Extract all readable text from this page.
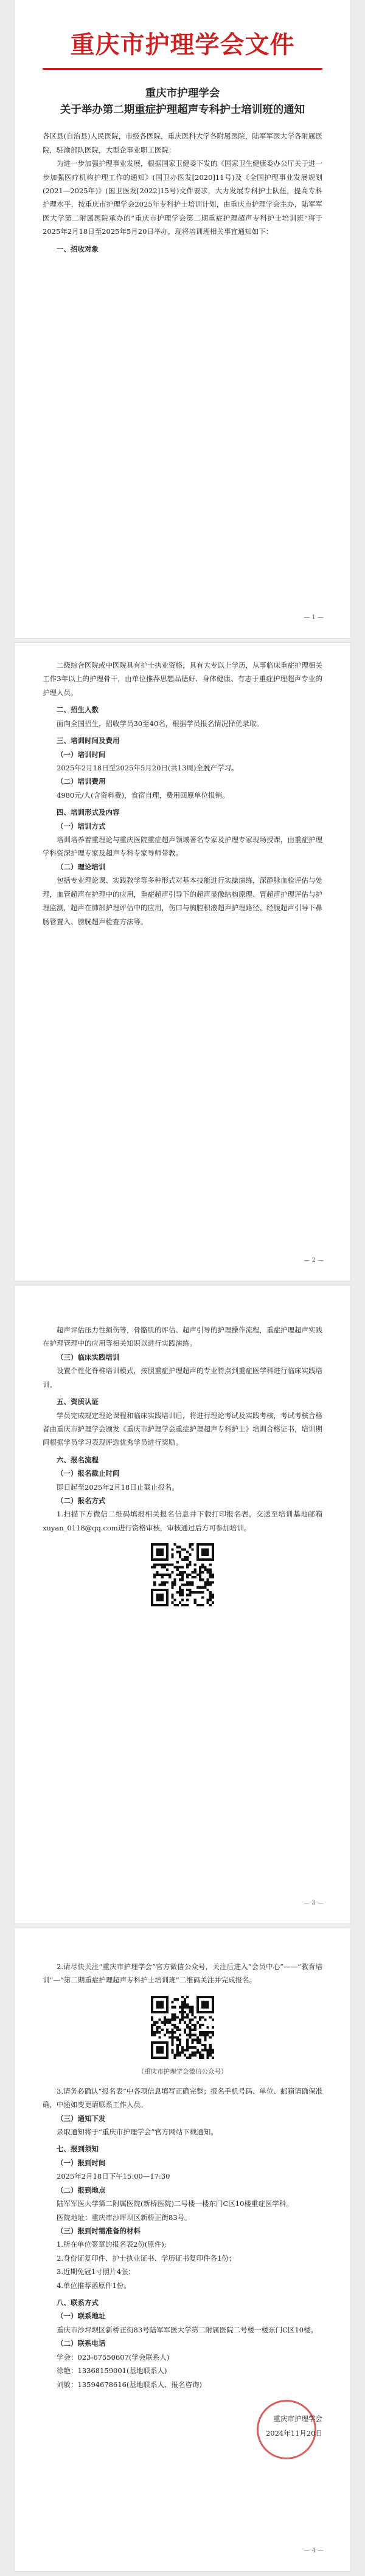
重庆市护理学会文件

重庆市护理学会

关于举办第二期重症护理超声专科护士培训班的通知

各区县(自治县)人民医院，市级各医院，重庆医科大学各附属医院，陆军军医大学各附属医院，驻渝部队医院，大型企事业职工医院：

为进一步加强护理事业发展，根据国家卫健委下发的《国家卫生健康委办公厅关于进一步加强医疗机构护理工作的通知》(国卫办医发[2020]11号)及《全国护理事业发展规划(2021—2025年)》(国卫医发[2022]15号)文件要求，大力发展专科护士队伍，提高专科护理水平，按重庆市护理学会2025年专科护士培训计划，由重庆市护理学会主办，陆军军医大学第二附属医院承办的“重庆市护理学会第二期重症护理超声专科护士培训班”将于2025年2月18日至2025年5月20日举办，现将培训班相关事宜通知如下：

一、招收对象

— 1 —

二级综合医院或中医院具有护士执业资格，具有大专以上学历，从事临床重症护理相关工作3年以上的护理骨干，由单位推荐思想品德好、身体健康、有志于重症护理超声专业的护理人员。

二、招生人数

面向全国招生，招收学员30至40名，根据学员报名情况择优录取。

三、培训时间及费用

（一）培训时间

2025年2月18日至2025年5月20日(共13周)全脱产学习。

（二）培训费用

4980元/人(含资料费)，食宿自理，费用回原单位报销。

四、培训形式及内容

（一）培训方式

培训培养着重理论与重庆医院重症超声领域著名专家及护理专家现场授课，由重症护理学科资深护理专家及超声专科专家导师带教。

（二）理论培训

包括专业理论课、实践教学等多种形式对基本技能进行实操演练，深静脉血栓评估与处理，血管超声在护理中的应用，重症超声引导下的超声显像结构原理、胃超声护理评估与护理监测，超声在肺部护理评估中的应用，伤口与胸腔积液超声护理路径、经腹超声引导下鼻肠管置入、膀胱超声检查方法等。

— 2 —

超声评估压力性损伤等，骨骼肌的评估、超声引导的护理操作流程，重症护理超声实践在护理管理中的应用等相关知识以进行实践演练。

（三）临床实践培训

设置个性化脊椎培训模式，按照重症护理超声的专业特点到重症医学科进行临床实践培训。

五、资质认证

学员完成规定理论课程和临床实践培训后，将进行理论考试及实践考核，考试考核合格者由重庆市护理学会颁发《重庆市护理学会重症护理超声专科护士》培训合格证书，培训期间根据学员学习表现评选优秀学员进行奖励。

六、报名流程

（一）报名截止时间

即日起至2025年2月18日止截止报名。

（二）报名方式

1.扫描下方微信二维码填报相关报名信息并下载打印报名表，交送至培训基地邮箱xuyan_0118@qq.com进行资格审核，审核通过后方可参加培训。

— 3 —

2.请尽快关注“重庆市护理学会”官方微信公众号，关注后进入“会员中心”——“教育培训”—“第二期重症护理超声专科护士培训班”二维码关注并完成报名。

（重庆市护理学会微信公众号）

3.请务必确认“报名表”中各项信息填写正确完整；报名手机号码、单位、邮箱请确保准确，中途如变更请联系工作人员。

（三）通知下发

录取通知将于“重庆市护理学会”官方网站下载通知。

七、报到须知

（一）报到时间

2025年2月18日下午15:00—17:30

（二）报到地点

陆军军医大学第二附属医院(新桥医院)二号楼一楼东门C区10楼重症医学科。

医院地址：重庆市沙坪坝区新桥正街83号。

（三）报到时需准备的材料

1.所在单位签章的报名表2份(原件);

2.身份证复印件、护士执业证书、学历证书复印件各1份；

3.近期免冠1寸照片4张；

4.单位推荐函原件1份。

八、联系方式

（一）联系地址

重庆市沙坪坝区新桥正街83号陆军军医大学第二附属医院二号楼一楼东门C区10楼。

（二）联系电话

学会：023-67550607(学会联系人)

徐艳：13368159001(基地联系人)

刘敏：13594678616(基地联系人、报名咨询)

重庆市护理学会
2024年11月20日
— 4 —
